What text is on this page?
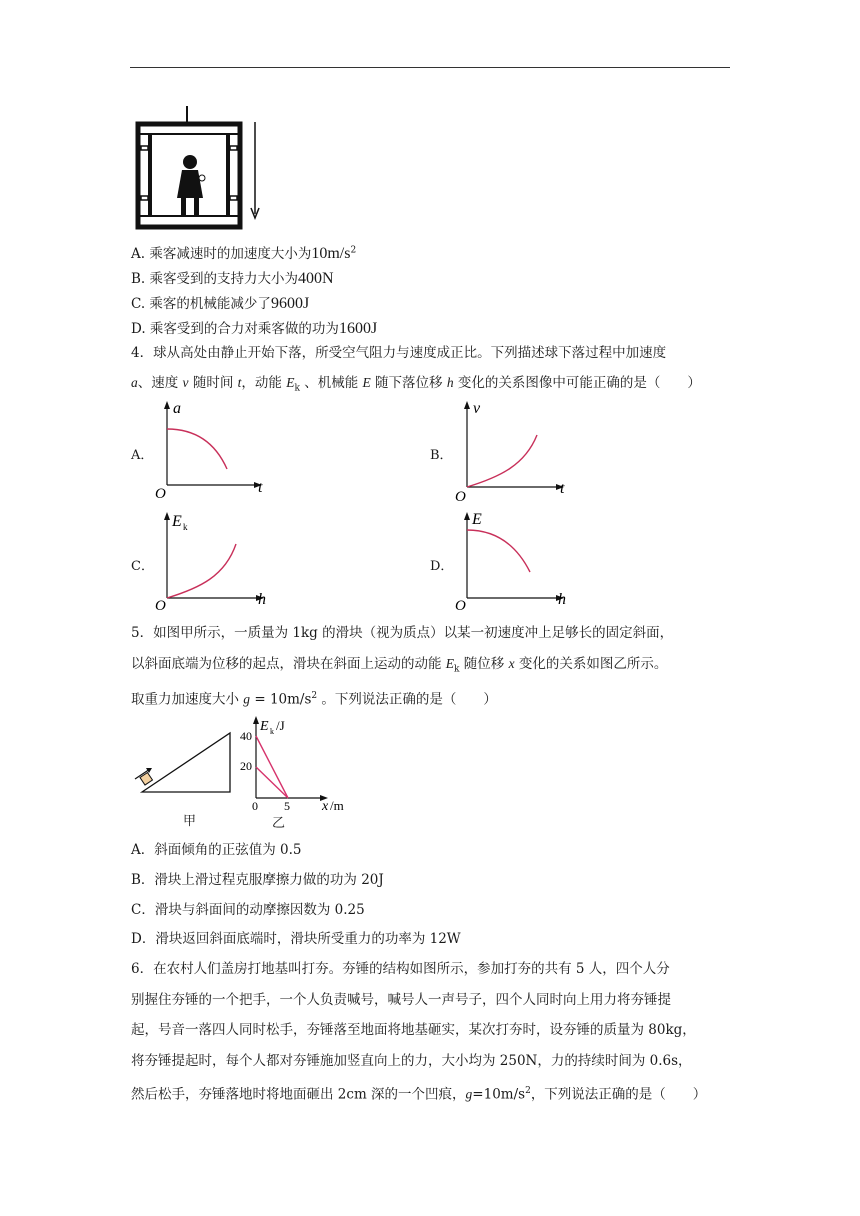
A. 乘客减速时的加速度大小为$10m/s^2$
B. 乘客受到的支持力大小为400N
C. 乘客的机械能减少了9600J
D. 乘客受到的合力对乘客做的功为1600J
4．球从高处由静止开始下落，所受空气阻力与速度成正比。下列描述球下落过程中加速度
a、速度 v 随时间 t，动能 $E_k$ 、机械能 E 随下落位移 h 变化的关系图像中可能正确的是（　　）
A．
a
t
O
B．
v
t
O
C．
E k
h
O
D．
E
h
O
5．如图甲所示，一质量为 1kg 的滑块（视为质点）以某一初速度冲上足够长的固定斜面，
以斜面底端为位移的起点，滑块在斜面上运动的动能 $E_k$ 随位移 x 变化的关系如图乙所示。
取重力加速度大小 $g = 10m/s^2$ 。下列说法正确的是（　　）
甲
E k /J
40
20
0 5 x /m
乙
A．斜面倾角的正弦值为 0.5
B．滑块上滑过程克服摩擦力做的功为 20J
C．滑块与斜面间的动摩擦因数为 0.25
D．滑块返回斜面底端时，滑块所受重力的功率为 12W
6．在农村人们盖房打地基叫打夯。夯锤的结构如图所示，参加打夯的共有 5 人，四个人分
别握住夯锤的一个把手，一个人负责喊号，喊号人一声号子，四个人同时向上用力将夯锤提
起，号音一落四人同时松手，夯锤落至地面将地基砸实，某次打夯时，设夯锤的质量为 80kg，
将夯锤提起时，每个人都对夯锤施加竖直向上的力，大小均为 250N，力的持续时间为 0.6s，
然后松手，夯锤落地时将地面砸出 2cm 深的一个凹痕，$g=10m/s^2$，下列说法正确的是（　　）
